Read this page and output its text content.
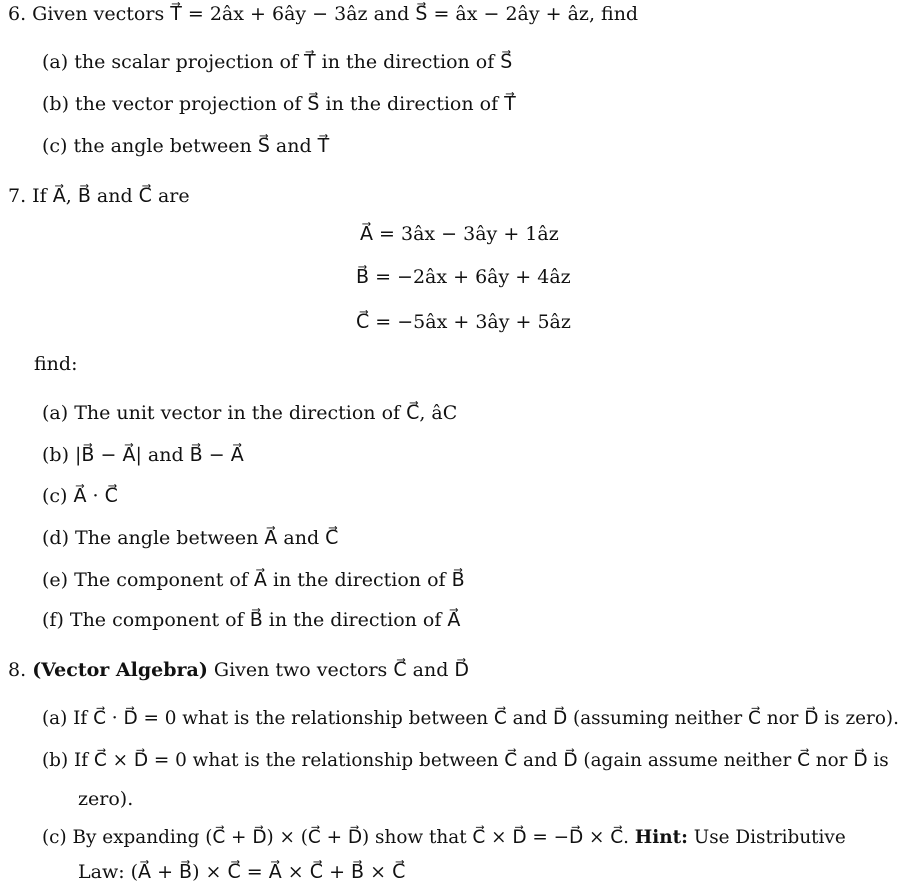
6. Given vectors T⃗ = 2âx + 6ây − 3âz and S⃗ = âx − 2ây + âz, find
(a) the scalar projection of T⃗ in the direction of S⃗
(b) the vector projection of S⃗ in the direction of T⃗
(c) the angle between S⃗ and T⃗
7. If A⃗, B⃗ and C⃗ are
A⃗ = 3âx − 3ây + 1âz
B⃗ = −2âx + 6ây + 4âz
C⃗ = −5âx + 3ây + 5âz
find:
(a) The unit vector in the direction of C⃗, âC
(b) |B⃗ − A⃗| and B⃗ − A⃗
(c) A⃗ · C⃗
(d) The angle between A⃗ and C⃗
(e) The component of A⃗ in the direction of B⃗
(f) The component of B⃗ in the direction of A⃗
8. (Vector Algebra) Given two vectors C⃗ and D⃗
(a) If C⃗ · D⃗ = 0 what is the relationship between C⃗ and D⃗ (assuming neither C⃗ nor D⃗ is zero).
(b) If C⃗ × D⃗ = 0 what is the relationship between C⃗ and D⃗ (again assume neither C⃗ nor D⃗ is
zero).
(c) By expanding (C⃗ + D⃗) × (C⃗ + D⃗) show that C⃗ × D⃗ = −D⃗ × C⃗. Hint: Use Distributive
Law: (A⃗ + B⃗) × C⃗ = A⃗ × C⃗ + B⃗ × C⃗
